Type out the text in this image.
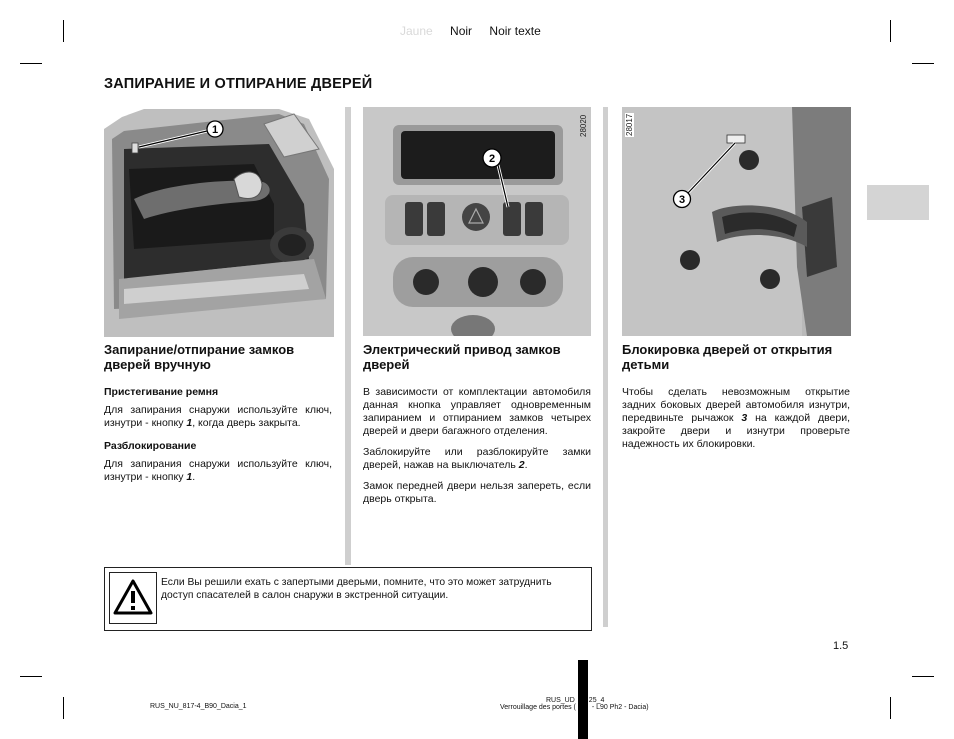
Jaune Noir Noir texte
ЗАПИРАНИЕ И ОТПИРАНИЕ ДВЕРЕЙ
1
2
28020
3
28017
Запирание/отпирание замков дверей вручную
Пристегивание ремня

Для запирания снаружи используйте ключ, изнутри - кнопку 1, когда дверь закрыта.

Разблокирование

Для запирания снаружи используйте ключ, изнутри - кнопку 1.

Электрический привод замков дверей

В зависимости от комплектации автомобиля данная кнопка управляет одновременным запиранием и отпиранием замков четырех дверей и двери багажного отделения.

Заблокируйте или разблокируйте замки дверей, нажав на выключатель 2.

Замок передней двери нельзя запереть, если дверь открыта.

Блокировка дверей от открытия детьми

Чтобы сделать невозможным открытие задних боковых дверей автомобиля изнутри, передвиньте рычажок 3 на каждой двери, закройте двери и изнутри проверьте надежность их блокировки.

Если Вы решили ехать с запертыми дверьми, помните, что это может затруднить доступ спасателей в салон снаружи в экстренной ситуации.
1.5
RUS_NU_817-4_B90_Dacia_1
RUS_UD 25_4
Verrouillage des portes ( - L90 Ph2 - Dacia)
